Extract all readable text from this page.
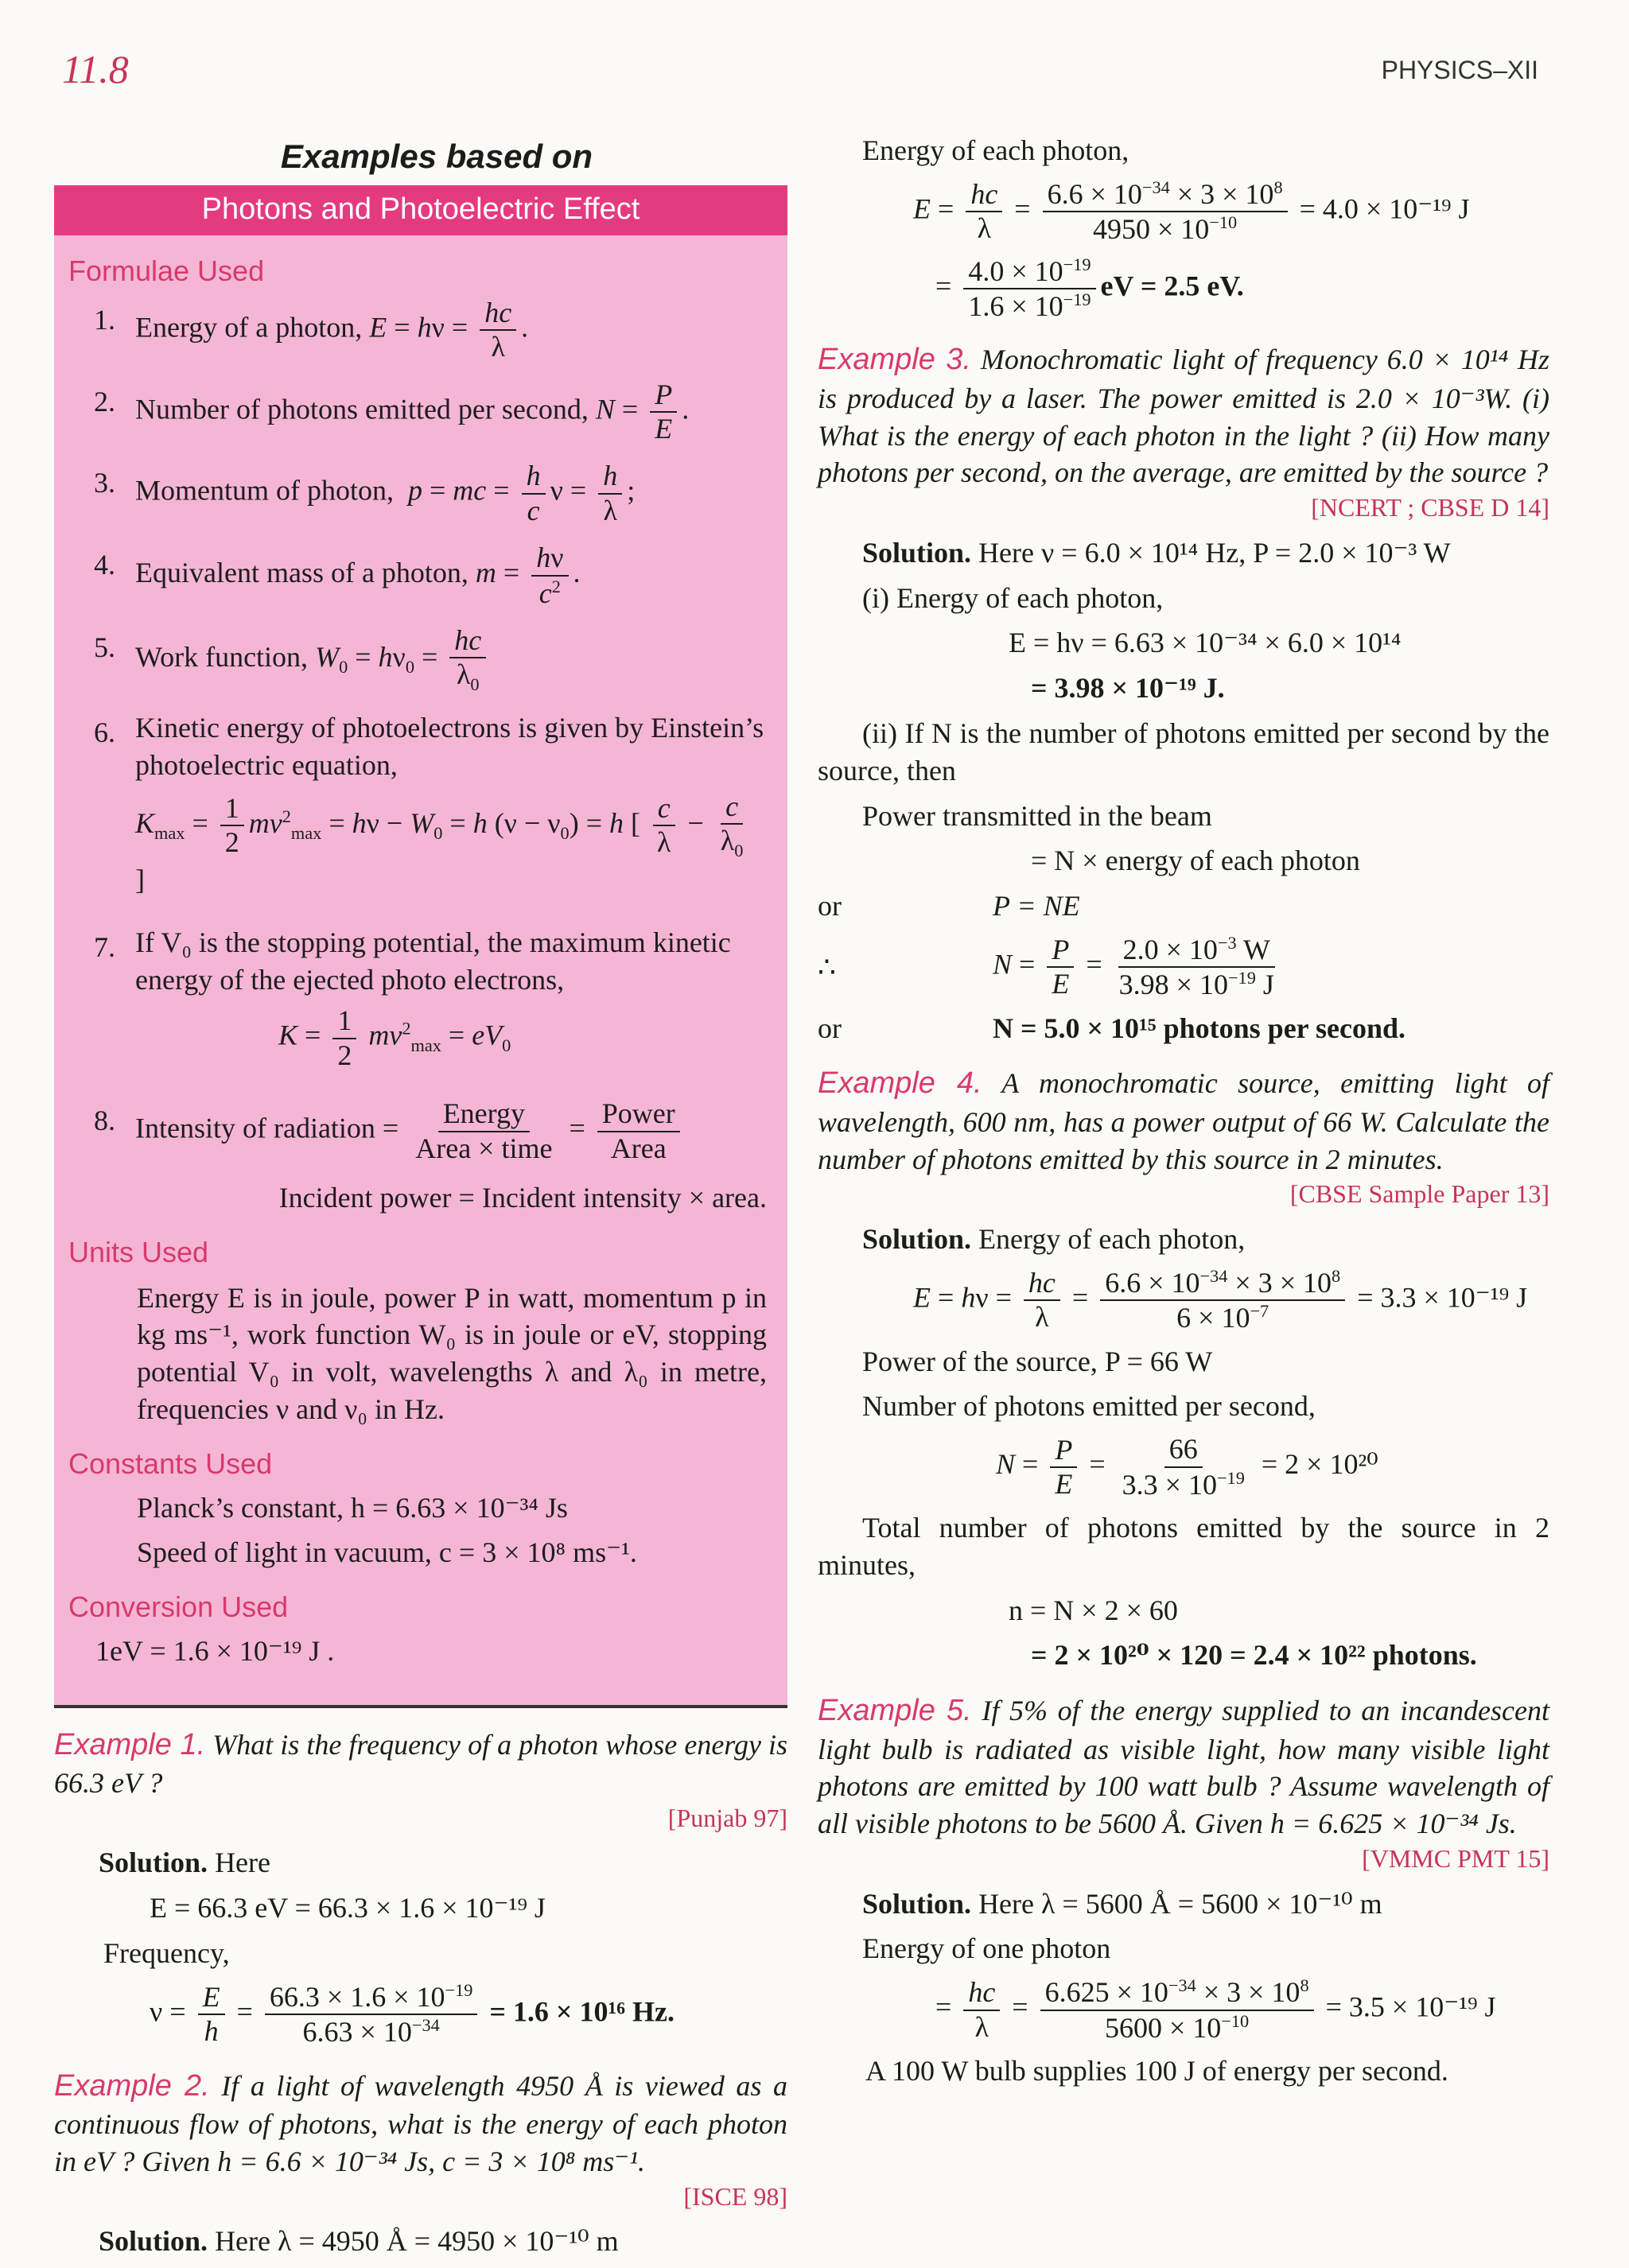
11.8	PHYSICS–XII
Examples based on
Photons and Photoelectric Effect
Formulae Used
1. Energy of a photon, $E = h\nu = \frac{hc}{\lambda}$ .
2. Number of photons emitted per second, $N = \frac{P}{E}$ .
3. Momentum of photon, p = mc = $\frac{h}{c}$ $\nu = \frac{h}{\lambda}$ ;
4. Equivalent mass of a photon, $m = \frac{h\nu}{c^2}$ .
5. Work function, $W_0 = h\nu_0 = \frac{hc}{\lambda_0}$
6. Kinetic energy of photoelectrons is given by Einstein’s photoelectric equation,
$K_{max} = \frac{1}{2} mv^2_{max} = h\nu - W_0 = h$ $(\nu - \nu_0) = h$ [ $\frac{c}{\lambda} - \frac{c}{\lambda_0}$
]
7. If V₀ is the stopping potential, the maximum kinetic energy of the ejected photo electrons,
$K = \frac{1}{2} mv^2_{max} = eV_0$
8. Intensity of radiation = $\frac{\text{Energy}}{\text{Area × time}} = \frac{\text{Power}}{\text{Area}}$
Incident power = Incident intensity × area.
Units Used
Energy E is in joule, power P in watt, momentum p in kg ms⁻¹, work function W₀ is in joule or eV, stopping potential V₀ in volt, wavelengths λ and λ₀ in metre, frequencies ν and ν₀ in Hz.
Constants Used
Planck’s constant, h = 6.63 × 10⁻³⁴ Js
Speed of light in vacuum, c = 3 × 10⁸ ms⁻¹.
Conversion Used
1eV = 1.6 × 10⁻¹⁹ J .
Example 1. What is the frequency of a photon whose energy is 66.3 eV ?
[Punjab 97]
Solution. Here
E = 66.3 eV = 66.3 × 1.6 × 10⁻¹⁹ J
Frequency,
$\nu = \frac{E}{h} = \frac{66.3 \times 1.6 \times 10^{-19}}{6.63 \times 10^{-34}} = 1.6 \times 10^{16}$ Hz.
Example 2. If a light of wavelength 4950 Å is viewed as a continuous flow of photons, what is the energy of each photon in eV ? Given h = 6.6 × 10⁻³⁴ Js, c = 3 × 10⁸ ms⁻¹.
[ISCE 98]
Solution. Here λ = 4950 Å = 4950 × 10⁻¹⁰ m
Energy of each photon,
$E = \frac{hc}{\lambda} = \frac{6.6 \times 10^{-34} \times 3 \times 10^8}{4950 \times 10^{-10}} = 4.0 \times 10^{-19}$ J
= $\frac{4.0 \times 10^{-19}}{1.6 \times 10^{-19}}$ eV = 2.5 eV.
Example 3. Monochromatic light of frequency 6.0 × 10¹⁴ Hz is produced by a laser. The power emitted is 2.0 × 10⁻³W. (i) What is the energy of each photon in the light ? (ii) How many photons per second, on the average, are emitted by the source ?
[NCERT ; CBSE D 14]
Solution. Here ν = 6.0 × 10¹⁴ Hz, P = 2.0 × 10⁻³ W
(i) Energy of each photon,
E = hν = 6.63 × 10⁻³⁴ × 6.0 × 10¹⁴
= 3.98 × 10⁻¹⁹ J.
(ii) If N is the number of photons emitted per second by the source, then
Power transmitted in the beam
= N × energy of each photon
or	P = NE
∴	$N = \frac{P}{E} = \frac{2.0 \times 10^{-3} W}{3.98 \times 10^{-19} J}$
or	N = 5.0 × 10¹⁵ photons per second.
Example 4. A monochromatic source, emitting light of wavelength, 600 nm, has a power output of 66 W. Calculate the number of photons emitted by this source in 2 minutes.
[CBSE Sample Paper 13]
Solution. Energy of each photon,
$E = h\nu = \frac{hc}{\lambda} = \frac{6.6 \times 10^{-34} \times 3 \times 10^8}{6 \times 10^{-7}} = 3.3 \times 10^{-19}$ J
Power of the source, P = 66 W
Number of photons emitted per second,
$N = \frac{P}{E} = \frac{66}{3.3 \times 10^{-19}} = 2 \times 10^{20}$
Total number of photons emitted by the source in 2 minutes,
n = N × 2 × 60
= 2 × 10²⁰ × 120 = 2.4 × 10²² photons.
Example 5. If 5% of the energy supplied to an incandescent light bulb is radiated as visible light, how many visible light photons are emitted by 100 watt bulb ? Assume wavelength of all visible photons to be 5600 Å. Given h = 6.625 × 10⁻³⁴ Js.
[VMMC PMT 15]
Solution. Here λ = 5600 Å = 5600 × 10⁻¹⁰ m
Energy of one photon
= $\frac{hc}{\lambda} = \frac{6.625 \times 10^{-34} \times 3 \times 10^8}{5600 \times 10^{-10}} = 3.5 \times 10^{-19}$ J
A 100 W bulb supplies 100 J of energy per second.
